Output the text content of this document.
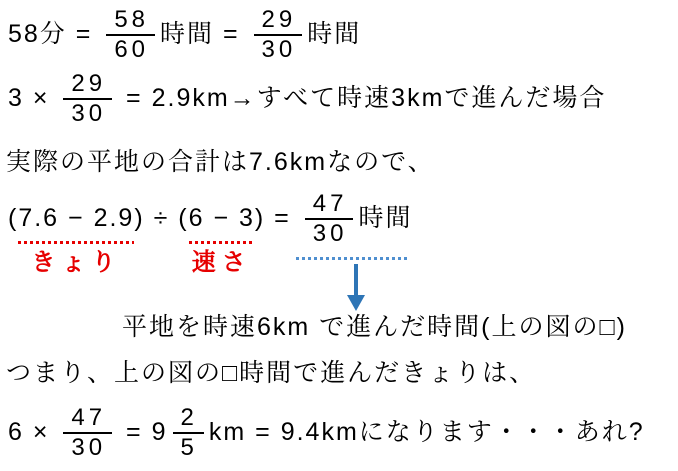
58分 = $\frac{58}{60}$ 時間 = $\frac{29}{30}$ 時間
$3 \times \frac{29}{30} = 2.9km\to$すべて時速3kmで進んだ場合
実際の平地の合計は7.6kmなので、
( 7.6 − 2.9
きょり
) ÷ ( 6 − 3
速さ
) = $\frac{47}{30}$ 時間
平地を時速6km で進んだ時間(上の図の□)
つまり、上の図の□時間で進んだきょりは、
$6 \times \frac{47}{30} = 9 \frac{2}{5}$ km = 9.4kmになります・・・あれ?
